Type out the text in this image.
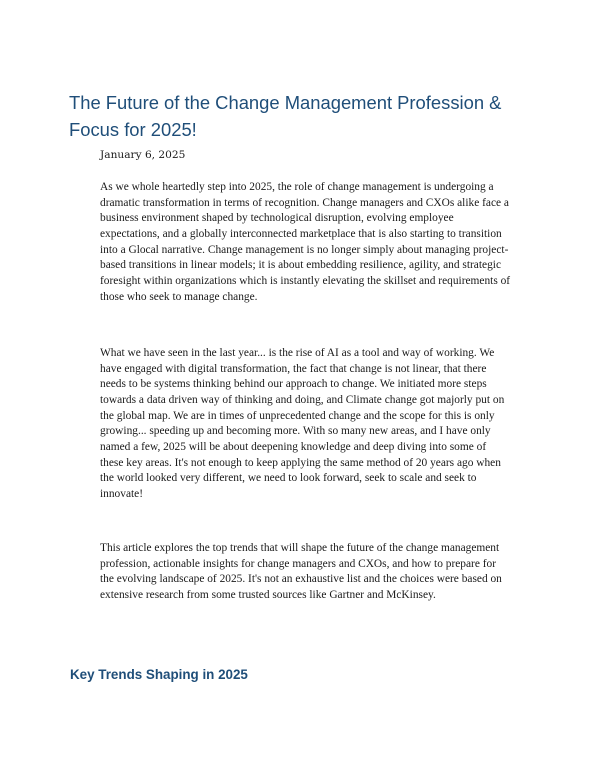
The Future of the Change Management Profession & Focus for 2025!
January 6, 2025

As we whole heartedly step into 2025, the role of change management is undergoing a dramatic transformation in terms of recognition. Change managers and CXOs alike face a business environment shaped by technological disruption, evolving employee expectations, and a globally interconnected marketplace that is also starting to transition into a Glocal narrative. Change management is no longer simply about managing project-based transitions in linear models; it is about embedding resilience, agility, and strategic foresight within organizations which is instantly elevating the skillset and requirements of those who seek to manage change.

What we have seen in the last year... is the rise of AI as a tool and way of working. We have engaged with digital transformation, the fact that change is not linear, that there needs to be systems thinking behind our approach to change. We initiated more steps towards a data driven way of thinking and doing, and Climate change got majorly put on the global map. We are in times of unprecedented change and the scope for this is only growing... speeding up and becoming more. With so many new areas, and I have only named a few, 2025 will be about deepening knowledge and deep diving into some of these key areas. It's not enough to keep applying the same method of 20 years ago when the world looked very different, we need to look forward, seek to scale and seek to innovate!

This article explores the top trends that will shape the future of the change management profession, actionable insights for change managers and CXOs, and how to prepare for the evolving landscape of 2025. It's not an exhaustive list and the choices were based on extensive research from some trusted sources like Gartner and McKinsey.

Key Trends Shaping in 2025
